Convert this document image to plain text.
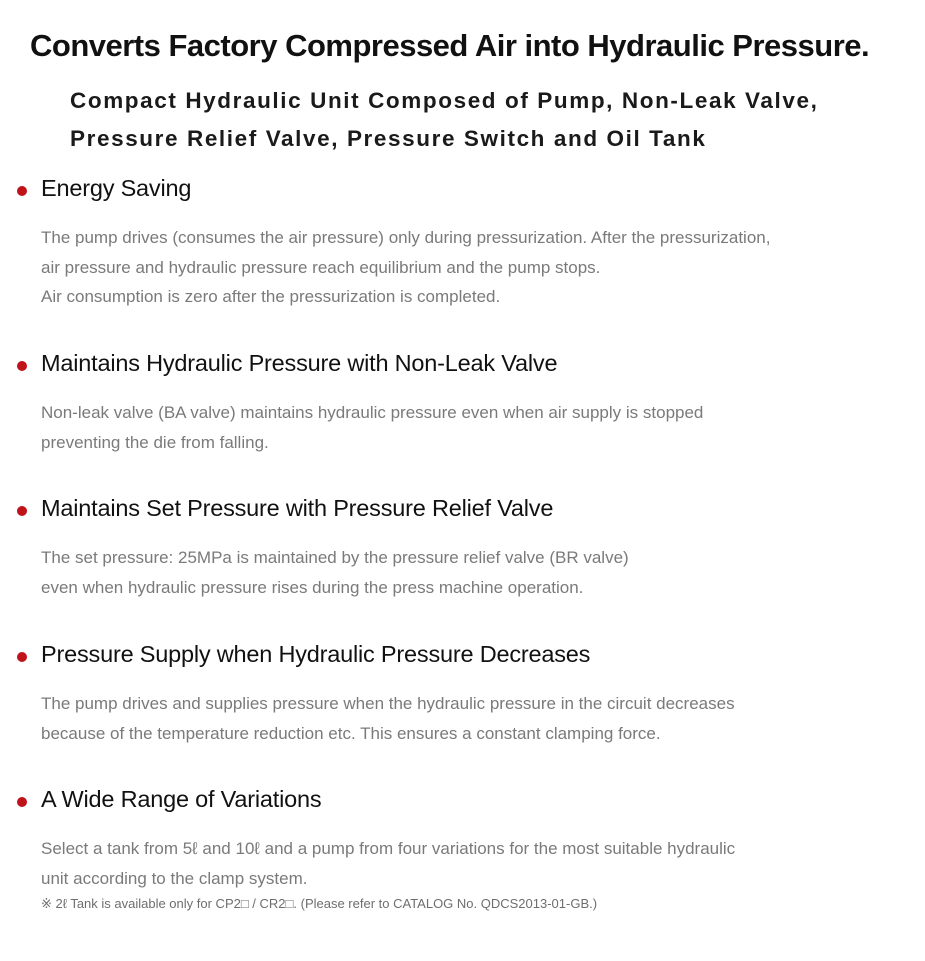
Converts Factory Compressed Air into Hydraulic Pressure.

Compact Hydraulic Unit Composed of Pump, Non-Leak Valve,
Pressure Relief Valve, Pressure Switch and Oil Tank

Energy Saving

The pump drives (consumes the air pressure) only during pressurization. After the pressurization,
air pressure and hydraulic pressure reach equilibrium and the pump stops.
Air consumption is zero after the pressurization is completed.

Maintains Hydraulic Pressure with Non-Leak Valve

Non-leak valve (BA valve) maintains hydraulic pressure even when air supply is stopped
preventing the die from falling.

Maintains Set Pressure with Pressure Relief Valve

The set pressure: 25MPa is maintained by the pressure relief valve (BR valve)
even when hydraulic pressure rises during the press machine operation.

Pressure Supply when Hydraulic Pressure Decreases

The pump drives and supplies pressure when the hydraulic pressure in the circuit decreases
because of the temperature reduction etc. This ensures a constant clamping force.

A Wide Range of Variations

Select a tank from 5ℓ and 10ℓ and a pump from four variations for the most suitable hydraulic
unit according to the clamp system.
※ 2ℓ Tank is available only for CP2□ / CR2□. (Please refer to CATALOG No. QDCS2013-01-GB.)
